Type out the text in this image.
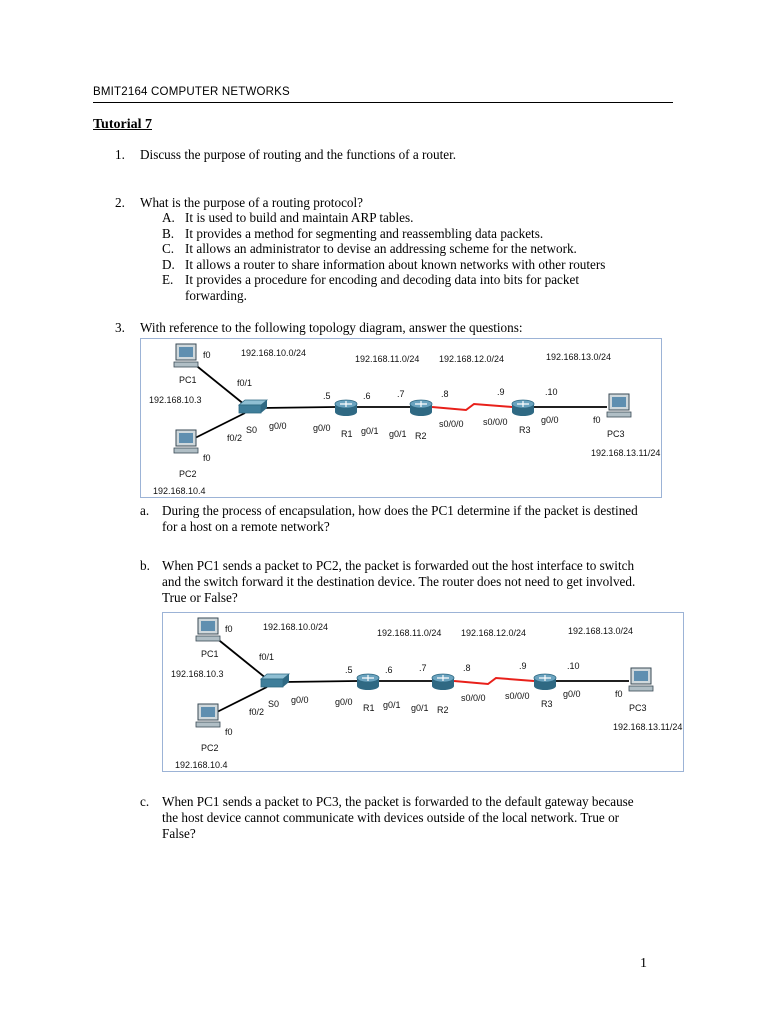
BMIT2164 COMPUTER NETWORKS
Tutorial 7
1. Discuss the purpose of routing and the functions of a router.
2. What is the purpose of a routing protocol?
A. It is used to build and maintain ARP tables.
B. It provides a method for segmenting and reassembling data packets.
C. It allows an administrator to devise an addressing scheme for the network.
D. It allows a router to share information about known networks with other routers
E. It provides a procedure for encoding and decoding data into bits for packet
forwarding.
3. With reference to the following topology diagram, answer the questions:
f0	192.168.10.0/24
PC1
192.168.10.3
f0/1
192.168.11.0/24 192.168.12.0/24	192.168.13.0/24
.5	.6	.7	.8	.9	.10
S0 g0/0
f0/2
g0/0
R1 g0/1 g0/1 R2
s0/0/0 s0/0/0
R3
g0/0	f0
PC3
192.168.13.11/24
f0
PC2
192.168.10.4
a. During the process of encapsulation, how does the PC1 determine if the packet is destined
for a host on a remote network?
b. When PC1 sends a packet to PC2, the packet is forwarded out the host interface to switch
and the switch forward it the destination device. The router does not need to get involved.
True or False?
f0	192.168.10.0/24
PC1
192.168.10.3
f0/1
192.168.11.0/24 192.168.12.0/24	192.168.13.0/24
.5	.6	.7	.8	.9	.10
S0 g0/0
f0/2
g0/0
R1 g0/1 g0/1 R2
s0/0/0 s0/0/0
R3
g0/0	f0
PC3
192.168.13.11/24
f0
PC2
192.168.10.4
c. When PC1 sends a packet to PC3, the packet is forwarded to the default gateway because
the host device cannot communicate with devices outside of the local network. True or
False?
1
